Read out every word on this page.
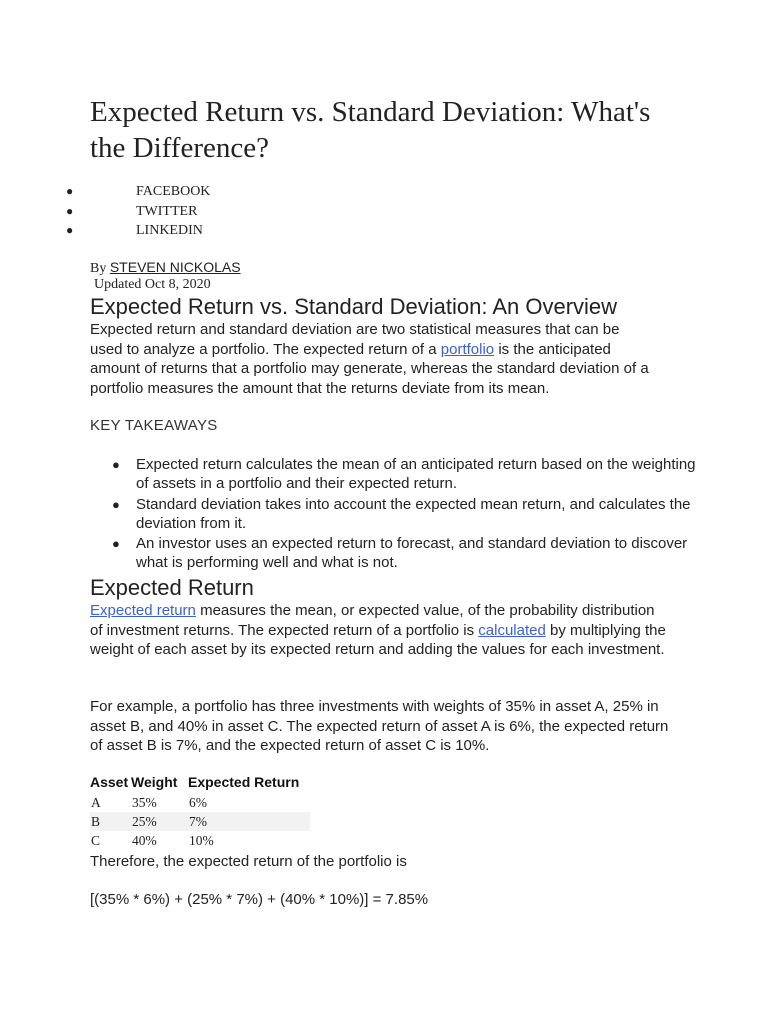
Expected Return vs. Standard Deviation: What's the Difference?
●	FACEBOOK
●	TWITTER
●	LINKEDIN
By STEVEN NICKOLAS
Updated Oct 8, 2020
Expected Return vs. Standard Deviation: An Overview

Expected return and standard deviation are two statistical measures that can be used to analyze a portfolio. The expected return of a portfolio is the anticipated amount of returns that a portfolio may generate, whereas the standard deviation of a portfolio measures the amount that the returns deviate from its mean.

KEY TAKEAWAYS
● Expected return calculates the mean of an anticipated return based on the weighting of assets in a portfolio and their expected return.
● Standard deviation takes into account the expected mean return, and calculates the deviation from it.
● An investor uses an expected return to forecast, and standard deviation to discover what is performing well and what is not.
Expected Return

Expected return measures the mean, or expected value, of the probability distribution of investment returns. The expected return of a portfolio is calculated by multiplying the weight of each asset by its expected return and adding the values for each investment.

For example, a portfolio has three investments with weights of 35% in asset A, 25% in asset B, and 40% in asset C. The expected return of asset A is 6%, the expected return of asset B is 7%, and the expected return of asset C is 10%.

Asset	Weight	Expected Return
A	35%	6%
B	25%	7%
C	40%	10%

Therefore, the expected return of the portfolio is

[(35% * 6%) + (25% * 7%) + (40% * 10%)] = 7.85%
